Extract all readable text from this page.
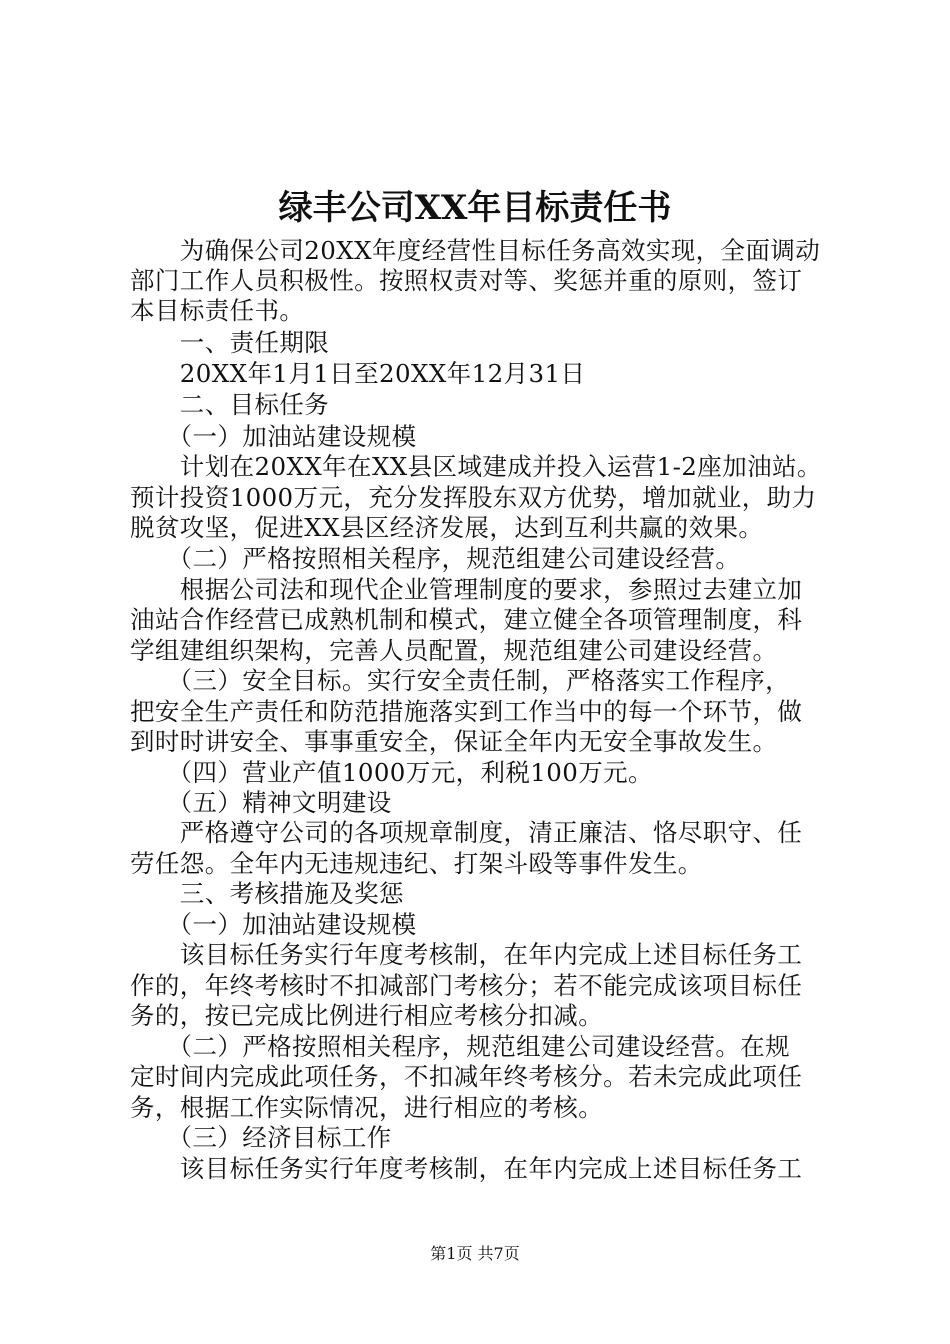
绿丰公司XX年目标责任书
　　为确保公司20XX年度经营性目标任务高效实现，全面调动
部门工作人员积极性。按照权责对等、奖惩并重的原则，签订
本目标责任书。
　　一、责任期限
　　20XX年1月1日至20XX年12月31日
　　二、目标任务
　　（一）加油站建设规模
　　计划在20XX年在XX县区域建成并投入运营1-2座加油站。
预计投资1000万元，充分发挥股东双方优势，增加就业，助力
脱贫攻坚，促进XX县区经济发展，达到互利共赢的效果。
　　（二）严格按照相关程序，规范组建公司建设经营。
　　根据公司法和现代企业管理制度的要求，参照过去建立加
油站合作经营已成熟机制和模式，建立健全各项管理制度，科
学组建组织架构，完善人员配置，规范组建公司建设经营。
　　（三）安全目标。实行安全责任制，严格落实工作程序，
把安全生产责任和防范措施落实到工作当中的每一个环节，做
到时时讲安全、事事重安全，保证全年内无安全事故发生。
　　（四）营业产值1000万元，利税100万元。
　　（五）精神文明建设
　　严格遵守公司的各项规章制度，清正廉洁、恪尽职守、任
劳任怨。全年内无违规违纪、打架斗殴等事件发生。
　　三、考核措施及奖惩
　　（一）加油站建设规模
　　该目标任务实行年度考核制，在年内完成上述目标任务工
作的，年终考核时不扣减部门考核分；若不能完成该项目标任
务的，按已完成比例进行相应考核分扣减。
　　（二）严格按照相关程序，规范组建公司建设经营。在规
定时间内完成此项任务，不扣减年终考核分。若未完成此项任
务，根据工作实际情况，进行相应的考核。
　　（三）经济目标工作
　　该目标任务实行年度考核制，在年内完成上述目标任务工
第1页 共7页
